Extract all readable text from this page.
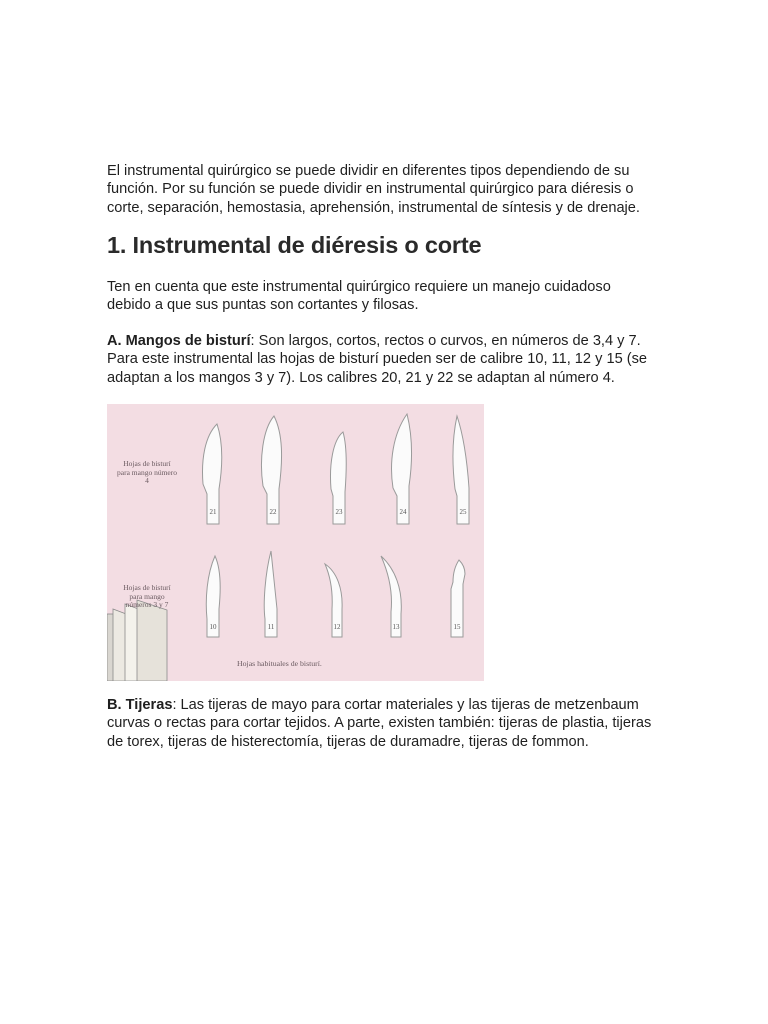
El instrumental quirúrgico se puede dividir en diferentes tipos dependiendo de su función. Por su función se puede dividir en instrumental quirúrgico para diéresis o corte, separación, hemostasia, aprehensión, instrumental de síntesis y de drenaje.

1. Instrumental de diéresis o corte

Ten en cuenta que este instrumental quirúrgico requiere un manejo cuidadoso debido a que sus puntas son cortantes y filosas.

A. Mangos de bisturí: Son largos, cortos, rectos o curvos, en números de 3,4 y 7. Para este instrumental las hojas de bisturí pueden ser de calibre 10, 11, 12 y 15 (se adaptan a los mangos 3 y 7). Los calibres 20, 21 y 22 se adaptan al número 4.

B. Tijeras: Las tijeras de mayo para cortar materiales y las tijeras de metzenbaum curvas o rectas para cortar tejidos. A parte, existen también: tijeras de plastia, tijeras de torex, tijeras de histerectomía, tijeras de duramadre, tijeras de fommon.

21	22	23	24	25
10	11	12	13	15
Hojas de bisturí para mango número 4
Hojas de bisturí para mango números 3 y 7
Hojas habituales de bisturí.
